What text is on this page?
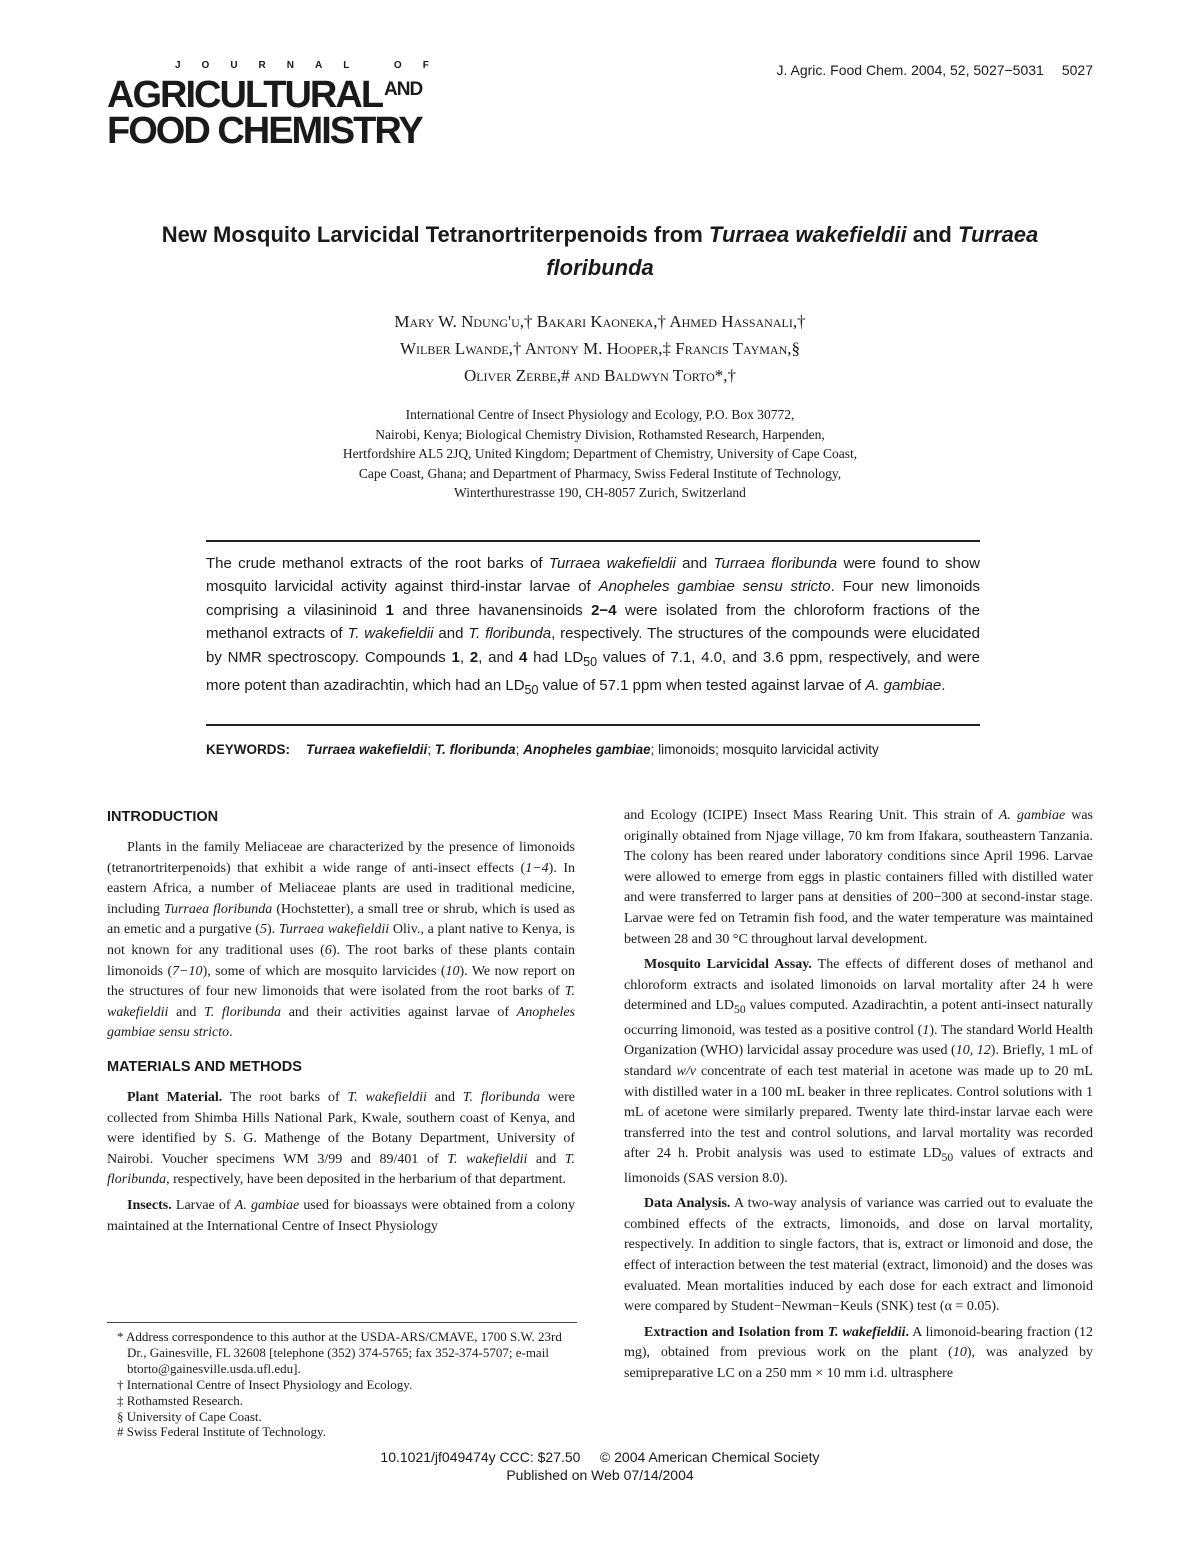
JOURNAL OF
AGRICULTURAL $^{AND}$
FOOD CHEMISTRY
J. Agric. Food Chem. 2004, 52, 5027−5031 5027
New Mosquito Larvicidal Tetranortriterpenoids from Turraea wakefieldii and Turraea floribunda
Mary W. Ndung'u,† Bakari Kaoneka,† Ahmed Hassanali,†
Wilber Lwande,† Antony M. Hooper,‡ Francis Tayman,§
Oliver Zerbe,# and Baldwyn Torto*,†
International Centre of Insect Physiology and Ecology, P.O. Box 30772,
Nairobi, Kenya; Biological Chemistry Division, Rothamsted Research, Harpenden,
Hertfordshire AL5 2JQ, United Kingdom; Department of Chemistry, University of Cape Coast,
Cape Coast, Ghana; and Department of Pharmacy, Swiss Federal Institute of Technology,
Winterthurestrasse 190, CH-8057 Zurich, Switzerland

The crude methanol extracts of the root barks of Turraea wakefieldii and Turraea floribunda were found to show mosquito larvicidal activity against third-instar larvae of Anopheles gambiae sensu stricto. Four new limonoids comprising a vilasininoid 1 and three havanensinoids 2−4 were isolated from the chloroform fractions of the methanol extracts of T. wakefieldii and T. floribunda, respectively. The structures of the compounds were elucidated by NMR spectroscopy. Compounds 1, 2, and 4 had $LD_{50}$ values of 7.1, 4.0, and 3.6 ppm, respectively, and were more potent than azadirachtin, which had an $LD_{50}$ value of 57.1 ppm when tested against larvae of A. gambiae.

KEYWORDS: Turraea wakefieldii; T. floribunda; Anopheles gambiae; limonoids; mosquito larvicidal activity
INTRODUCTION

Plants in the family Meliaceae are characterized by the presence of limonoids (tetranortriterpenoids) that exhibit a wide range of anti-insect effects (1−4). In eastern Africa, a number of Meliaceae plants are used in traditional medicine, including Turraea floribunda (Hochstetter), a small tree or shrub, which is used as an emetic and a purgative (5). Turraea wakefieldii Oliv., a plant native to Kenya, is not known for any traditional uses (6). The root barks of these plants contain limonoids (7−10), some of which are mosquito larvicides (10). We now report on the structures of four new limonoids that were isolated from the root barks of T. wakefieldii and T. floribunda and their activities against larvae of Anopheles gambiae sensu stricto.

MATERIALS AND METHODS

Plant Material. The root barks of T. wakefieldii and T. floribunda were collected from Shimba Hills National Park, Kwale, southern coast of Kenya, and were identified by S. G. Mathenge of the Botany Department, University of Nairobi. Voucher specimens WM 3/99 and 89/401 of T. wakefieldii and T. floribunda, respectively, have been deposited in the herbarium of that department.

Insects. Larvae of A. gambiae used for bioassays were obtained from a colony maintained at the International Centre of Insect Physiology

* Address correspondence to this author at the USDA-ARS/CMAVE, 1700 S.W. 23rd Dr., Gainesville, FL 32608 [telephone (352) 374-5765; fax 352-374-5707; e-mail btorto@gainesville.usda.ufl.edu].

† International Centre of Insect Physiology and Ecology.

‡ Rothamsted Research.

§ University of Cape Coast.

# Swiss Federal Institute of Technology.

and Ecology (ICIPE) Insect Mass Rearing Unit. This strain of A. gambiae was originally obtained from Njage village, 70 km from Ifakara, southeastern Tanzania. The colony has been reared under laboratory conditions since April 1996. Larvae were allowed to emerge from eggs in plastic containers filled with distilled water and were transferred to larger pans at densities of 200−300 at second-instar stage. Larvae were fed on Tetramin fish food, and the water temperature was maintained between 28 and 30 °C throughout larval development.

Mosquito Larvicidal Assay. The effects of different doses of methanol and chloroform extracts and isolated limonoids on larval mortality after 24 h were determined and $LD_{50}$ values computed. Azadirachtin, a potent anti-insect naturally occurring limonoid, was tested as a positive control (1). The standard World Health Organization (WHO) larvicidal assay procedure was used (10, 12). Briefly, 1 mL of standard w/v concentrate of each test material in acetone was made up to 20 mL with distilled water in a 100 mL beaker in three replicates. Control solutions with 1 mL of acetone were similarly prepared. Twenty late third-instar larvae each were transferred into the test and control solutions, and larval mortality was recorded after 24 h. Probit analysis was used to estimate $LD_{50}$ values of extracts and limonoids (SAS version 8.0).

Data Analysis. A two-way analysis of variance was carried out to evaluate the combined effects of the extracts, limonoids, and dose on larval mortality, respectively. In addition to single factors, that is, extract or limonoid and dose, the effect of interaction between the test material (extract, limonoid) and the doses was evaluated. Mean mortalities induced by each dose for each extract and limonoid were compared by Student−Newman−Keuls (SNK) test (α = 0.05).

Extraction and Isolation from T. wakefieldii. A limonoid-bearing fraction (12 mg), obtained from previous work on the plant (10), was analyzed by semipreparative LC on a 250 mm × 10 mm i.d. ultrasphere

10.1021/jf049474y CCC: $27.50 © 2004 American Chemical Society
Published on Web 07/14/2004
